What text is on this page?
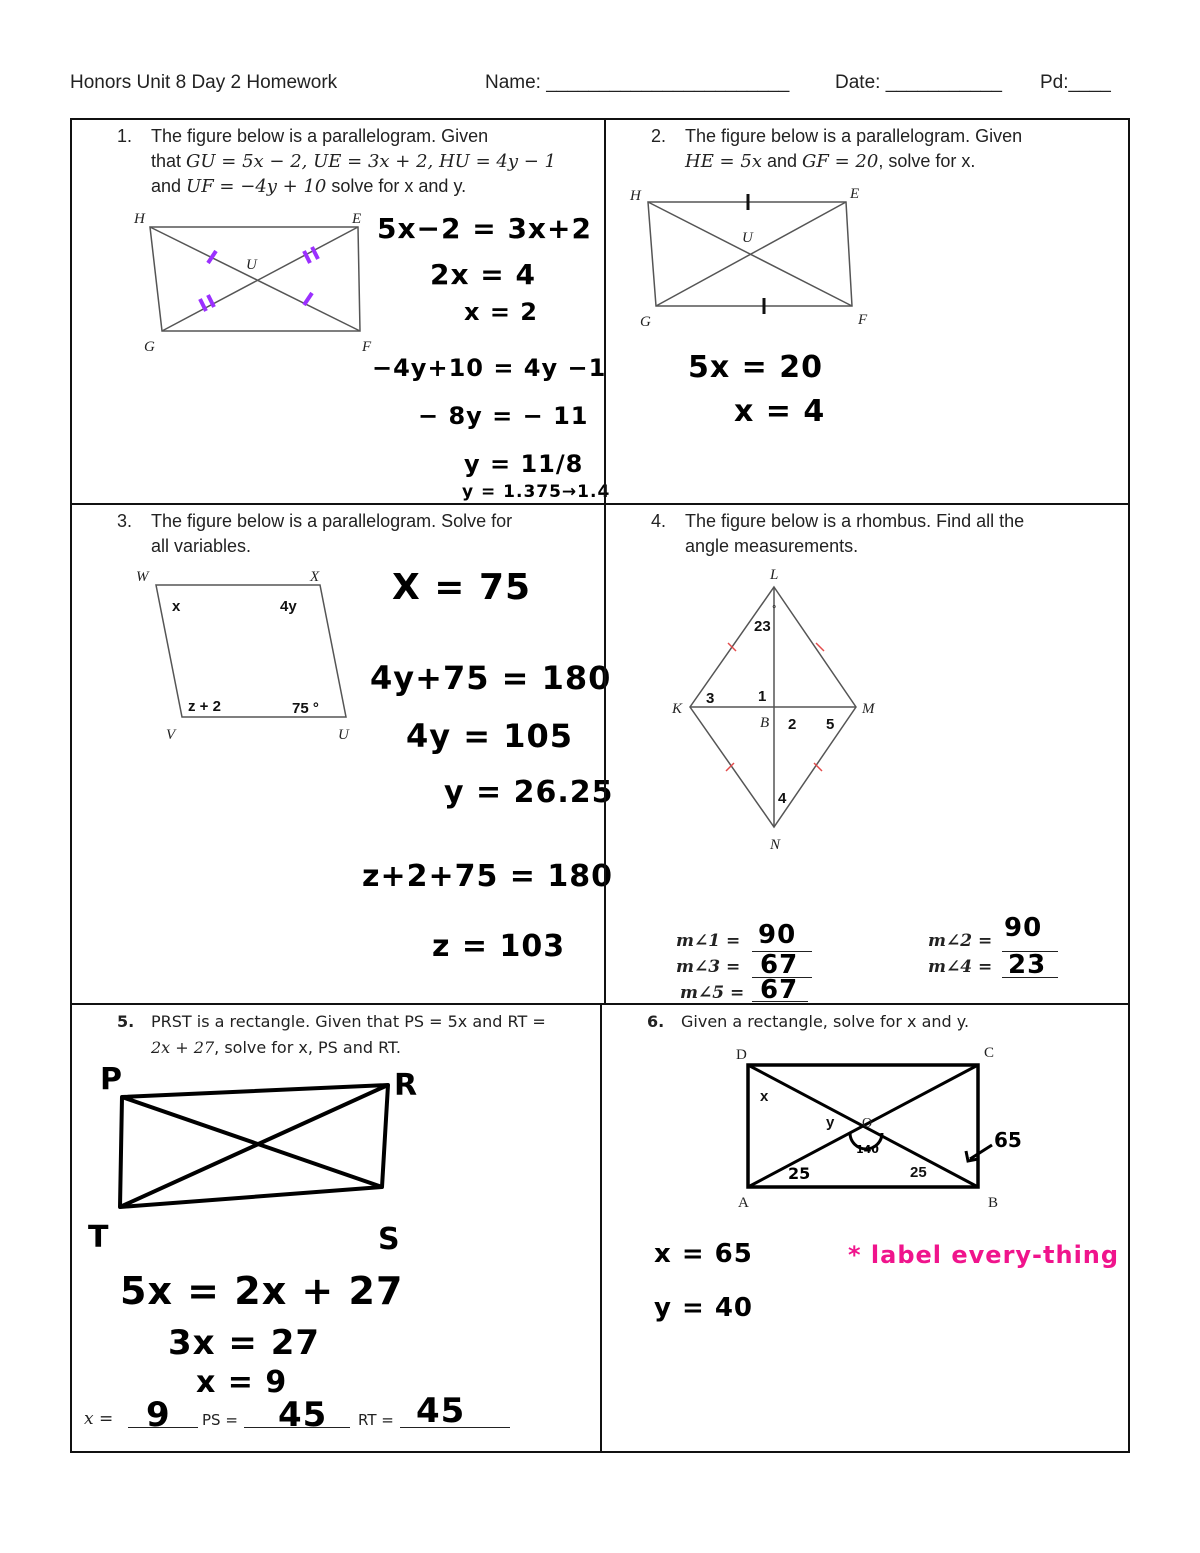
Honors Unit 8 Day 2 Homework	Name: _______________________ Date: ___________ Pd:____
1. The figure below is a parallelogram. Given
that GU = 5x − 2, UE = 3x + 2, HU = 4y − 1
and UF = −4y + 10 solve for x and y.
H	E
G	F
U
5x−2 = 3x+2
2x = 4
x = 2
−4y+10 = 4y −1
− 8y = − 11
y = 11/8
y = 1.375→1.4
2. The figure below is a parallelogram. Given
HE = 5x and GF = 20, solve for x.
H	E
G	F
U
5x = 20
x = 4
3. The figure below is a parallelogram. Solve for
all variables.
W	X
V	U
x	4y
z + 2	75 °
X = 75
4y+75 = 180
4y = 105
y = 26.25
z+2+75 = 180
z = 103
4. The figure below is a rhombus. Find all the
angle measurements.
L
K	M
N
B
23
°
1
2
3
4
5
m∠1 = 90	m∠2 = 90
m∠3 = 67	m∠4 = 23
m∠5 = 67
5. PRST is a rectangle. Given that PS = 5x and RT =
2x + 27, solve for x, PS and RT.
P	R
T	S
5x = 2x + 27
3x = 27
x = 9
x = 9 PS = 45 RT = 45
6. Given a rectangle, solve for x and y.
D	C
A	B
O
x
y
25
25
140	65
x = 65
y = 40
* label every-thing
